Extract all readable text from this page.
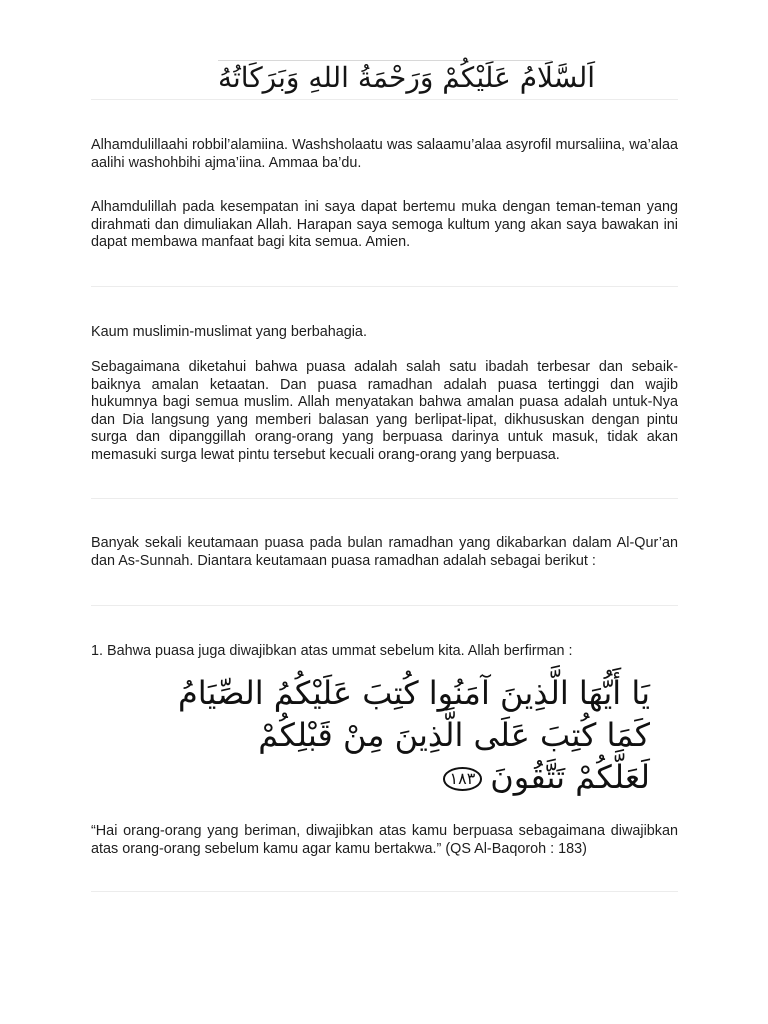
اَلسَّلَامُ عَلَيْكُمْ وَرَحْمَةُ اللهِ وَبَرَكَاتُهُ

Alhamdulillaahi robbil’alamiina. Washsholaatu was salaamu’alaa asyrofil mursaliina, wa’alaa aalihi washohbihi ajma’iina. Ammaa ba’du.

Alhamdulillah pada kesempatan ini saya dapat bertemu muka dengan teman-teman yang dirahmati dan dimuliakan Allah. Harapan saya semoga kultum yang akan saya bawakan ini dapat membawa manfaat bagi kita semua. Amien.

Kaum muslimin-muslimat yang berbahagia.

Sebagaimana diketahui bahwa puasa adalah salah satu ibadah terbesar dan sebaik-baiknya amalan ketaatan. Dan puasa ramadhan adalah puasa tertinggi dan wajib hukumnya bagi semua muslim. Allah menyatakan bahwa amalan puasa adalah untuk-Nya dan Dia langsung yang memberi balasan yang berlipat-lipat, dikhususkan dengan pintu surga dan dipanggillah orang-orang yang berpuasa darinya untuk masuk, tidak akan memasuki surga lewat pintu tersebut kecuali orang-orang yang berpuasa.

Banyak sekali keutamaan puasa pada bulan ramadhan yang dikabarkan dalam Al-Qur’an dan As-Sunnah. Diantara keutamaan puasa ramadhan adalah sebagai berikut :

1. Bahwa puasa juga diwajibkan atas ummat sebelum kita. Allah berfirman :

يَا أَيُّهَا الَّذِينَ آمَنُوا كُتِبَ عَلَيْكُمُ الصِّيَامُ
كَمَا كُتِبَ عَلَى الَّذِينَ مِنْ قَبْلِكُمْ
لَعَلَّكُمْ تَتَّقُونَ١٨٣

“Hai orang-orang yang beriman, diwajibkan atas kamu berpuasa sebagaimana diwajibkan atas orang-orang sebelum kamu agar kamu bertakwa.” (QS Al-Baqoroh : 183)
